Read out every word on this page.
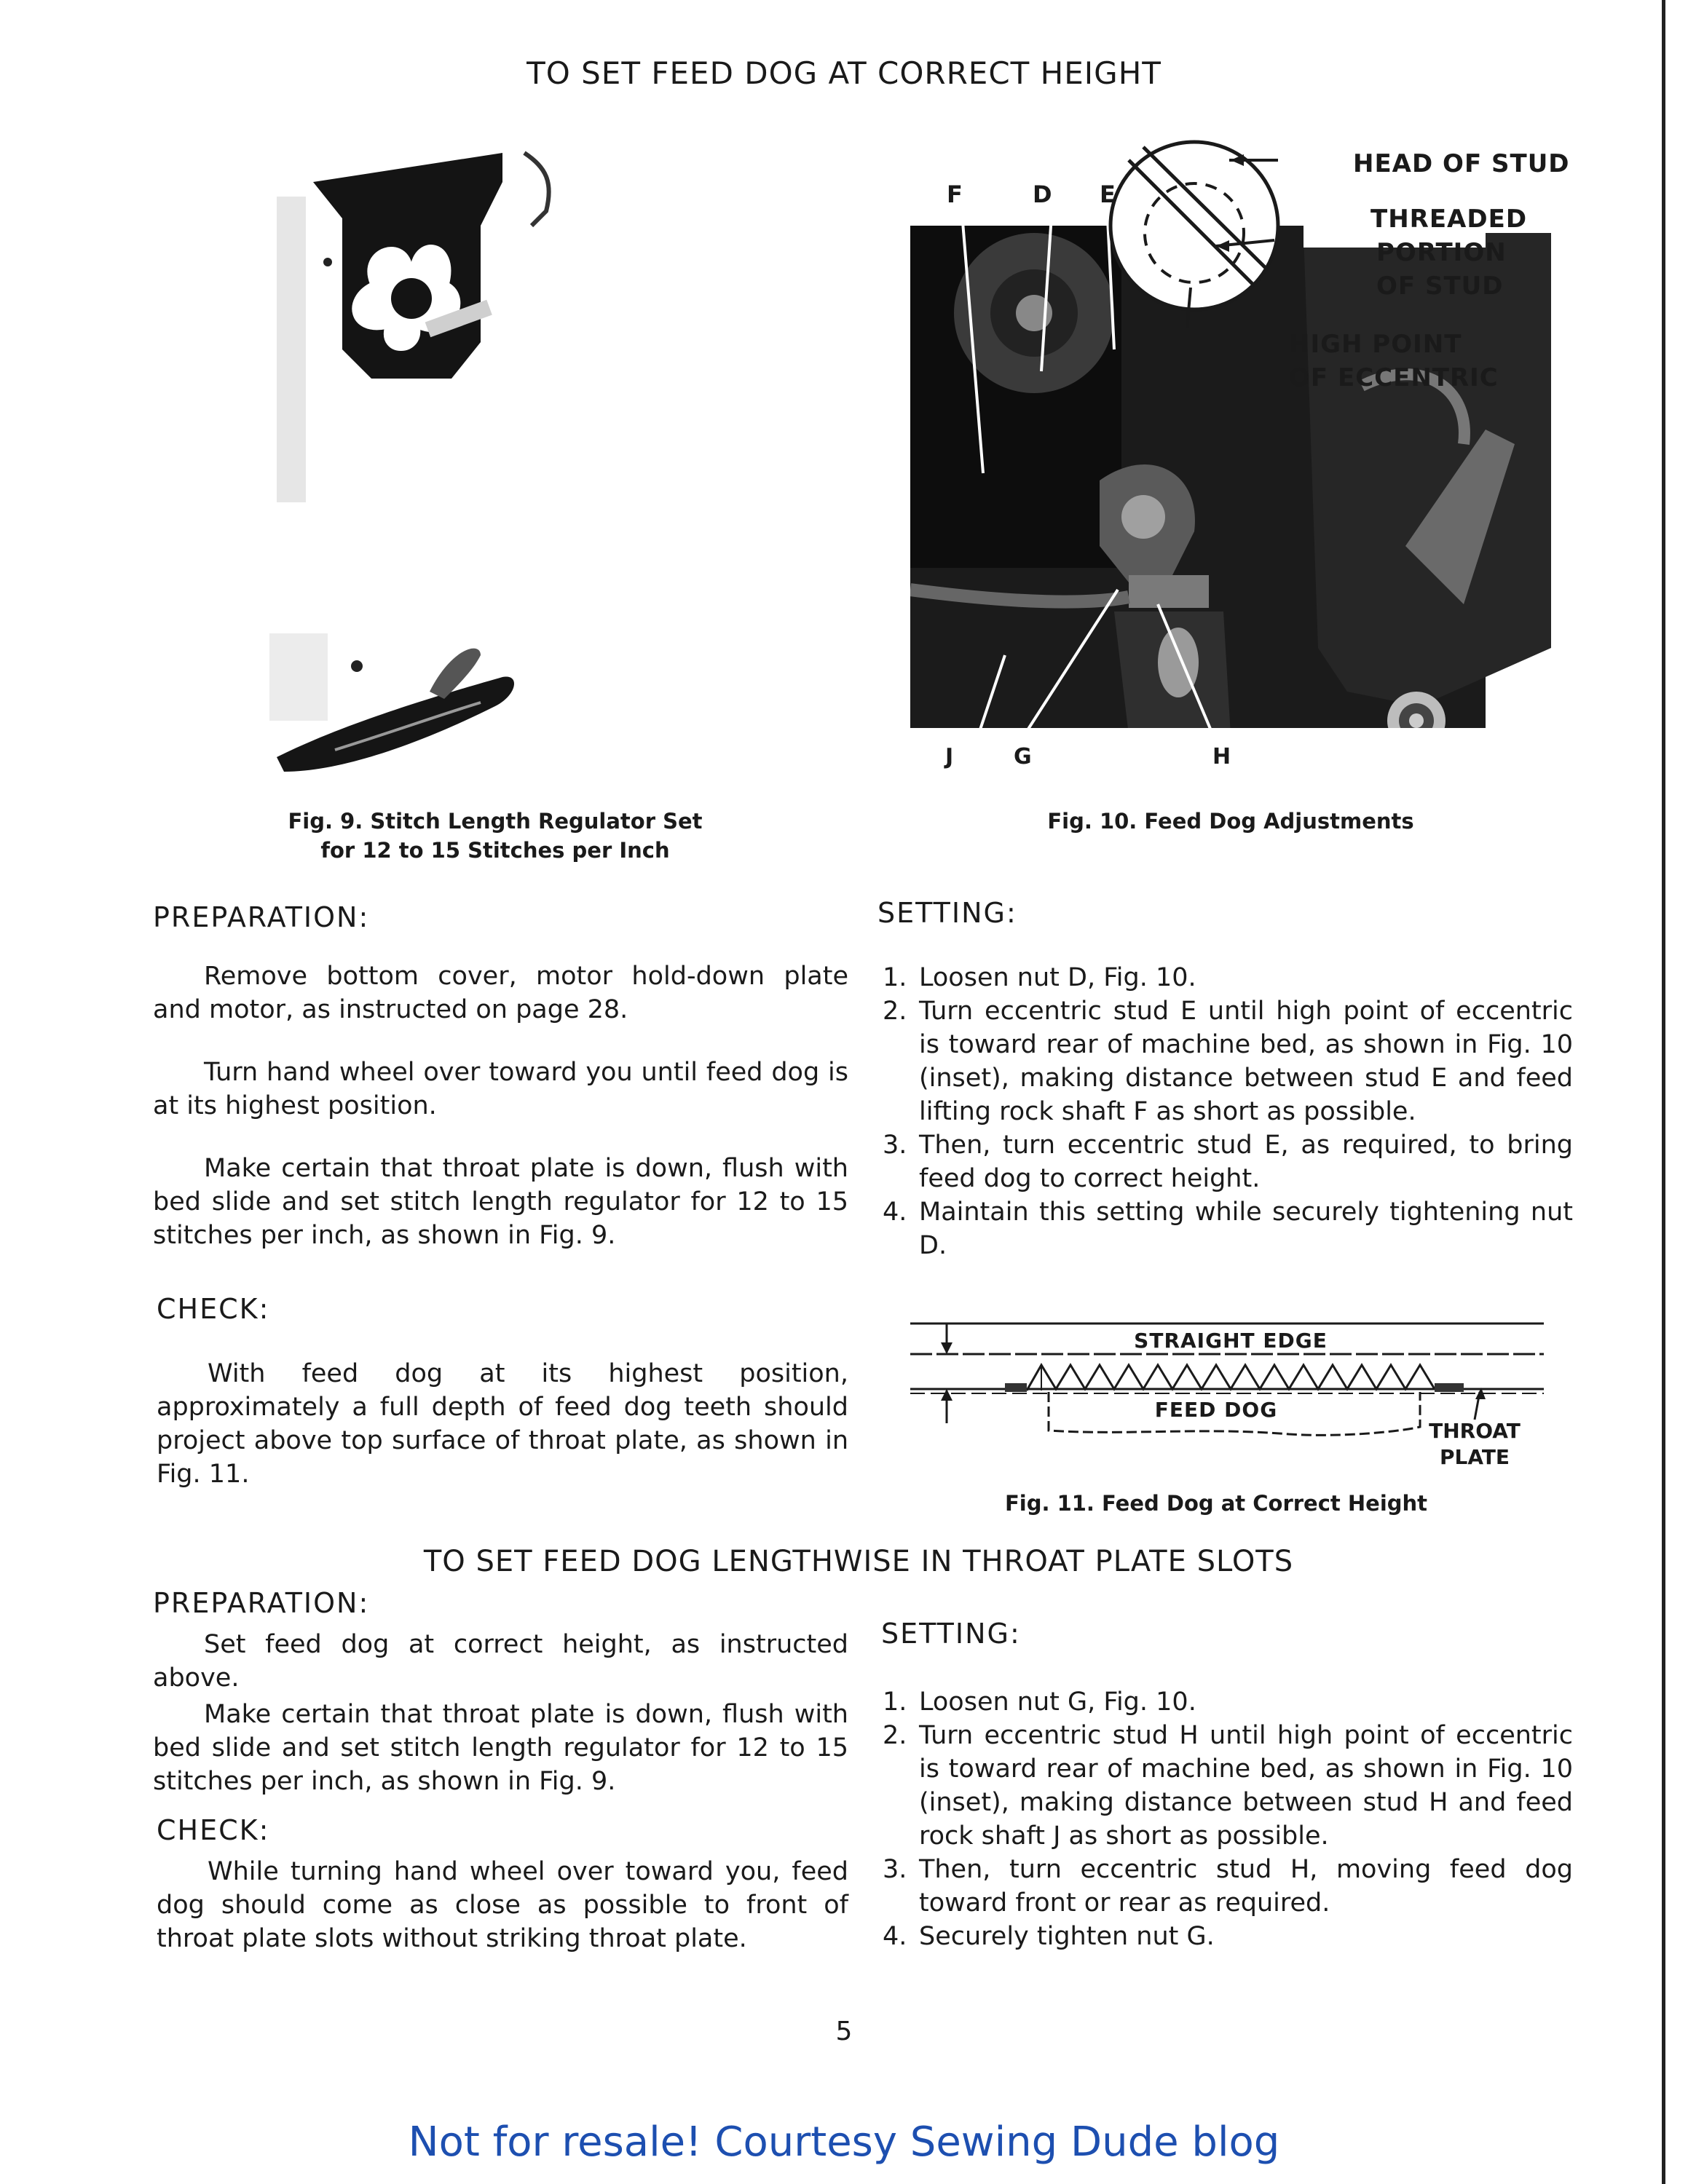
TO SET FEED DOG AT CORRECT HEIGHT
Fig. 9. Stitch Length Regulator Set
for 12 to 15 Stitches per Inch
F	D E
J	G	H
HEAD OF STUD
THREADED
PORTION
OF STUD
HIGH POINT
OF ECCENTRIC
Fig. 10. Feed Dog Adjustments
PREPARATION:

Remove bottom cover, motor hold-down plate and motor, as instructed on page 28.

Turn hand wheel over toward you until feed dog is at its highest position.

Make certain that throat plate is down, flush with bed slide and set stitch length regulator for 12 to 15 stitches per inch, as shown in Fig. 9.

CHECK:

With feed dog at its highest position, approximately a full depth of feed dog teeth should project above top surface of throat plate, as shown in Fig. 11.

SETTING:
1. Loosen nut D, Fig. 10.
2. Turn eccentric stud E until high point of eccentric is toward rear of machine bed, as shown in Fig. 10 (inset), making distance between stud E and feed lifting rock shaft F as short as possible.
3. Then, turn eccentric stud E, as required, to bring feed dog to correct height.
4. Maintain this setting while securely tightening nut D.
STRAIGHT EDGE
FEED DOG
THROAT
PLATE
Fig. 11. Feed Dog at Correct Height
TO SET FEED DOG LENGTHWISE IN THROAT PLATE SLOTS
PREPARATION:

Set feed dog at correct height, as instructed above.

Make certain that throat plate is down, flush with bed slide and set stitch length regulator for 12 to 15 stitches per inch, as shown in Fig. 9.

CHECK:

While turning hand wheel over toward you, feed dog should come as close as possible to front of throat plate slots without striking throat plate.

SETTING:
1. Loosen nut G, Fig. 10.
2. Turn eccentric stud H until high point of eccentric is toward rear of machine bed, as shown in Fig. 10 (inset), making distance between stud H and feed rock shaft J as short as possible.
3. Then, turn eccentric stud H, moving feed dog toward front or rear as required.
4. Securely tighten nut G.
5
Not for resale! Courtesy Sewing Dude blog
